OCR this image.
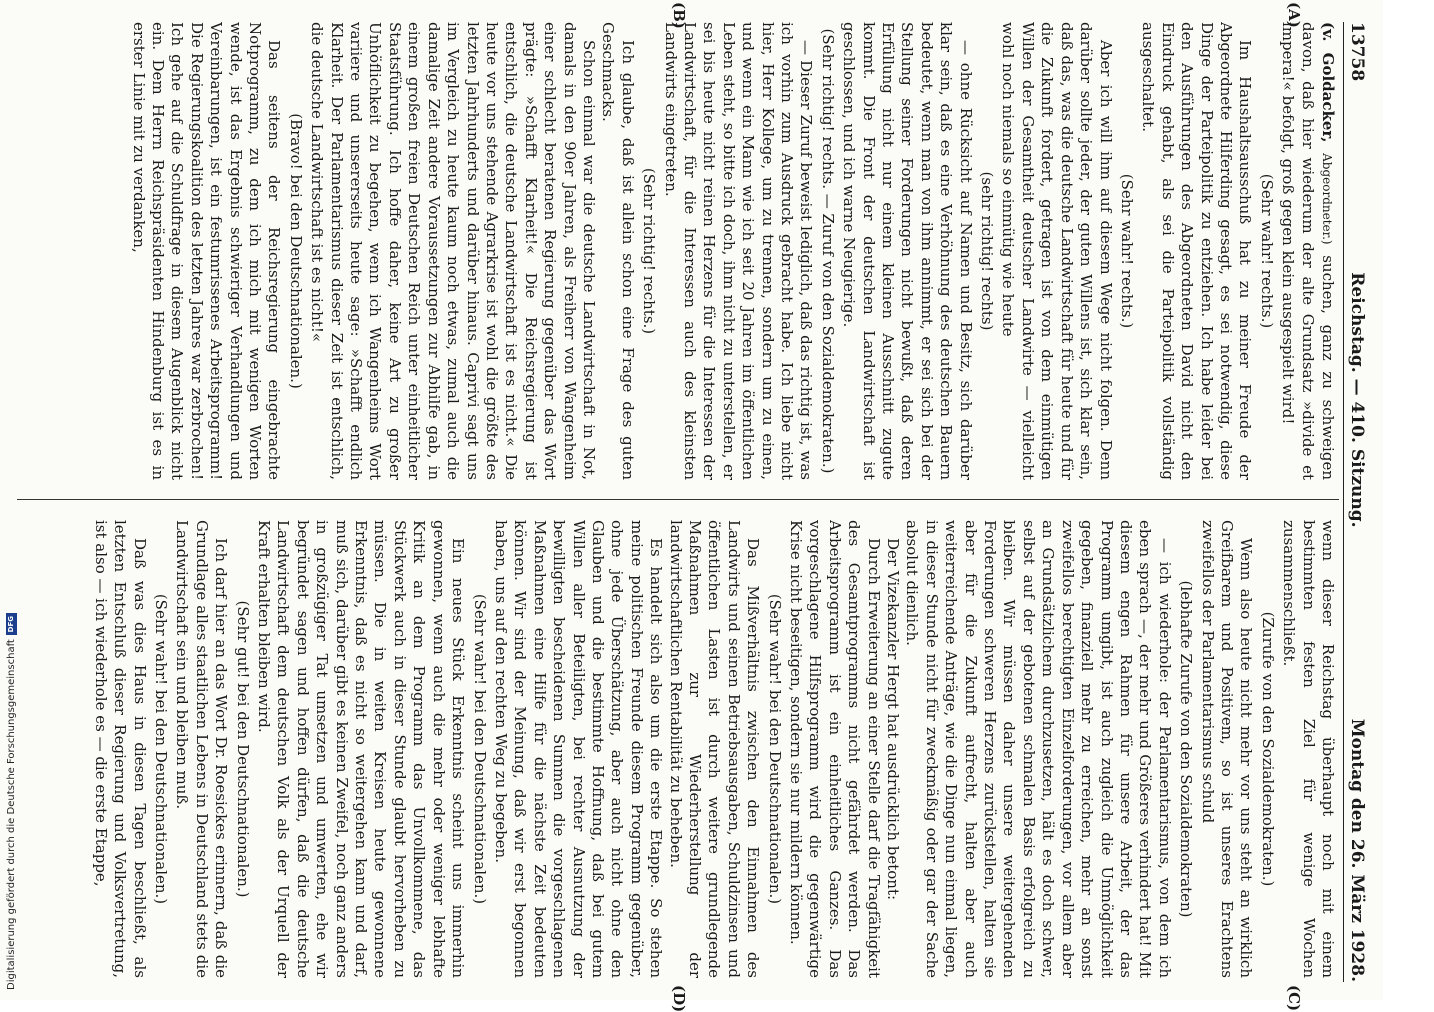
13758
Reichstag. — 410. Sitzung.
Montag den 26. März 1928.
(A)
(B)
(C)
(D)

(v. Goldacker, Abgeordneter.) suchen, ganz zu schweigen davon, daß hier wiederum der alte Grundsatz »divide et impera!« befolgt, groß gegen klein ausgespielt wird!

(Sehr wahr! rechts.)

Im Haushaltsausschuß hat zu meiner Freude der Abgeordnete Hilferding gesagt, es sei notwendig, diese Dinge der Parteipolitik zu entziehen. Ich habe leider bei den Ausführungen des Abgeordneten David nicht den Eindruck gehabt, als sei die Parteipolitik vollständig ausgeschaltet.

(Sehr wahr! rechts.)

Aber ich will ihm auf diesem Wege nicht folgen. Denn darüber sollte jeder, der guten Willens ist, sich klar sein, daß das, was die deutsche Landwirtschaft für heute und für die Zukunft fordert, getragen ist von dem einmütigen Willen der Gesamtheit deutscher Landwirte — vielleicht wohl noch niemals so einmütig wie heute

(sehr richtig! rechts)

— ohne Rücksicht auf Namen und Besitz, sich darüber klar sein, daß es eine Verhöhnung des deutschen Bauern bedeutet, wenn man von ihm annimmt, er sei sich bei der Stellung seiner Forderungen nicht bewußt, daß deren Erfüllung nicht nur einem kleinen Ausschnitt zugute kommt. Die Front der deutschen Landwirtschaft ist geschlossen, und ich warne Neugierige.

(Sehr richtig! rechts. — Zuruf von den Sozialdemokraten.)

— Dieser Zuruf beweist lediglich, daß das richtig ist, was ich vorhin zum Ausdruck gebracht habe. Ich liebe nicht hier, Herr Kollege, um zu trennen, sondern um zu einen, und wenn ein Mann wie ich seit 20 Jahren im öffentlichen Leben steht, so bitte ich doch, ihm nicht zu unterstellen, er sei bis heute nicht reinen Herzens für die Interessen der Landwirtschaft, für die Interessen auch des kleinsten Landwirts eingetreten.

(Sehr richtig! rechts.)

Ich glaube, daß ist allein schon eine Frage des guten Geschmacks.

Schon einmal war die deutsche Landwirtschaft in Not, damals in den 90er Jahren, als Freiherr von Wangenheim einer schlecht beratenen Regierung gegenüber das Wort prägte: »Schafft Klarheit!« Die Reichsregierung ist entschlich, die deutsche Landwirtschaft ist es nicht.« Die heute vor uns stehende Agrarkrise ist wohl die größte des letzten Jahrhunderts und darüber hinaus. Caprivi sagt uns im Vergleich zu heute kaum noch etwas, zumal auch die damalige Zeit andere Voraussetzungen zur Abhilfe gab, in einem großen freien Deutschen Reich unter einheitlicher Staatsführung. Ich hoffe daher, keine Art zu großer Unhöflichkeit zu begehen, wenn ich Wangenheims Wort variiere und unsererseits heute sage: »Schafft endlich Klarheit. Der Parlamentarismus dieser Zeit ist entschlich, die deutsche Landwirtschaft ist es nicht!«

(Bravo! bei den Deutschnationalen.)

Das seitens der Reichsregierung eingebrachte Notprogramm, zu dem ich mich mit wenigen Worten wende, ist das Ergebnis schwieriger Verhandlungen und Vereinbarungen, ist ein festumrissenes Arbeitsprogramm! Die Regierungskoalition des letzten Jahres war zerbrochen! Ich gehe auf die Schuldfrage in diesem Augenblick nicht ein. Dem Herrn Reichspräsidenten Hindenburg ist es in erster Linie mit zu verdanken,

wenn dieser Reichstag überhaupt noch mit einem bestimmten festen Ziel für wenige Wochen zusammenschließt.

(Zurufe von den Sozialdemokraten.)

Wenn also heute nicht mehr vor uns steht an wirklich Greifbarem und Positivem, so ist unseres Erachtens zweifellos der Parlamentarismus schuld

(lebhafte Zurufe von den Sozialdemokraten)

— ich wiederhole: der Parlamentarismus, von dem ich eben sprach —, der mehr und Größeres verhindert hat! Mit diesem engen Rahmen für unsere Arbeit, der das Programm umgibt, ist auch zugleich die Unmöglichkeit gegeben, finanziell mehr zu erreichen, mehr an sonst zweifellos berechtigten Einzelforderungen, vor allem aber an Grundsätzlichem durchzusetzen, hält es doch schwer, selbst auf der gebotenen schmalen Basis erfolgreich zu bleiben. Wir müssen daher unsere weitergehenden Forderungen schweren Herzens zurückstellen, halten sie aber für die Zukunft aufrecht, halten aber auch weiterreichende Anträge, wie die Dinge nun einmal liegen, in dieser Stunde nicht für zweckmäßig oder gar der Sache absolut dienlich.

Der Vizekanzler Hergt hat ausdrücklich betont:

Durch Erweiterung an einer Stelle darf die Tragfähigkeit des Gesamtprogramms nicht gefährdet werden. Das Arbeitsprogramm ist ein einheitliches Ganzes. Das vorgeschlagene Hilfsprogramm wird die gegenwärtige Krise nicht beseitigen, sondern sie nur mildern können.

(Sehr wahr! bei den Deutschnationalen.)

Das Mißverhältnis zwischen den Einnahmen des Landwirts und seinen Betriebsausgaben, Schuldzinsen und öffentlichen Lasten ist durch weitere grundlegende Maßnahmen zur Wiederherstellung der landwirtschaftlichen Rentabilität zu beheben.

Es handelt sich also um die erste Etappe. So stehen meine politischen Freunde diesem Programm gegenüber, ohne jede Überschätzung, aber auch nicht ohne den Glauben und die bestimmte Hoffnung, daß bei gutem Willen aller Beteiligten, bei rechter Ausnutzung der bewilligten bescheidenen Summen die vorgeschlagenen Maßnahmen eine Hilfe für die nächste Zeit bedeuten können. Wir sind der Meinung, daß wir erst begonnen haben, uns auf den rechten Weg zu begeben.

(Sehr wahr! bei den Deutschnationalen.)

Ein neues Stück Erkenntnis scheint uns immerhin gewonnen, wenn auch die mehr oder weniger lebhafte Kritik an dem Programm das Unvollkommene, das Stückwerk auch in dieser Stunde glaubt hervorheben zu müssen. Die in weiten Kreisen heute gewonnene Erkenntnis, daß es nicht so weitergehen kann und darf, muß sich, darüber gibt es keinen Zweifel, noch ganz anders in großzügiger Tat umsetzen und umwerten, ehe wir begründet sagen und hoffen dürfen, daß die deutsche Landwirtschaft dem deutschen Volk als der Urquell der Kraft erhalten bleiben wird.

(Sehr gut! bei den Deutschnationalen.)

Ich darf hier an das Wort Dr. Roesickes erinnern, daß die Grundlage alles staatlichen Lebens in Deutschland stets die Landwirtschaft sein und bleiben muß.

(Sehr wahr! bei den Deutschnationalen.)

Daß was dies Haus in diesen Tagen beschließt, als letzten Entschluß dieser Regierung und Volksvertretung, ist also — ich wiederhole es — die erste Etappe,

Digitalisierung gefördert durch die Deutsche Forschungsgemeinschaft
DFG
